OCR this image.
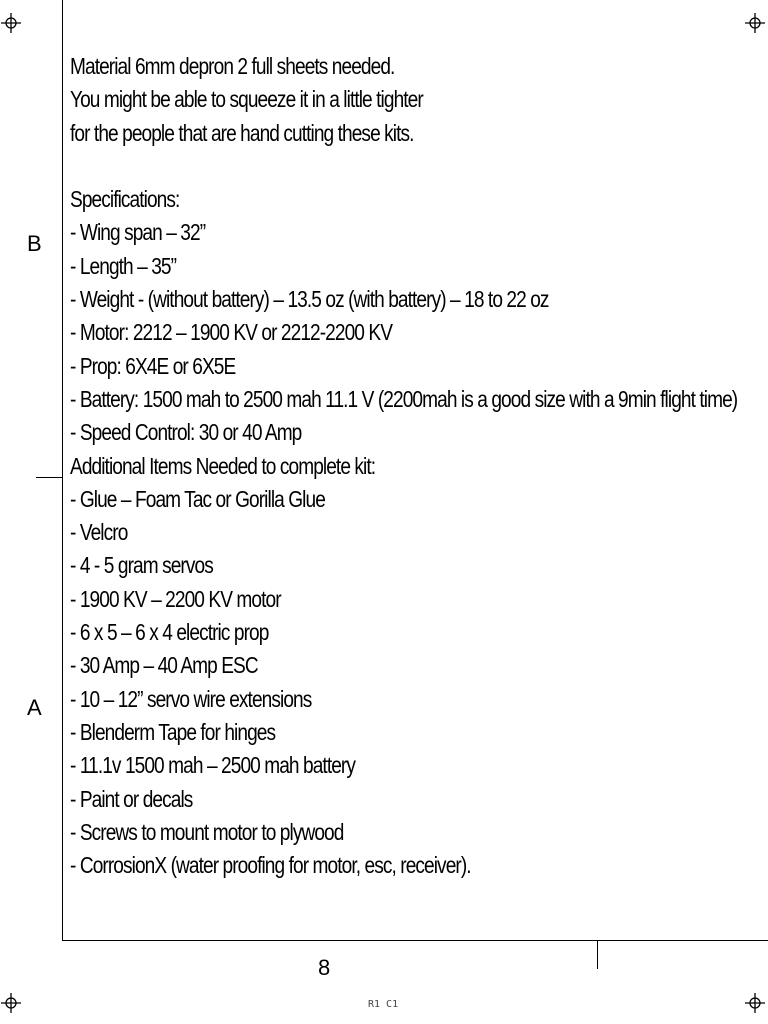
B
A
Material 6mm depron 2 full sheets needed.
You might be able to squeeze it in a little tighter
for the people that are hand cutting these kits.
Specifications:
- Wing span – 32”
- Length – 35”
- Weight - (without battery) – 13.5 oz (with battery) – 18 to 22 oz
- Motor: 2212 – 1900 KV or 2212-2200 KV
- Prop: 6X4E or 6X5E
- Battery: 1500 mah to 2500 mah 11.1 V (2200mah is a good size with a 9min flight time)
- Speed Control: 30 or 40 Amp
Additional Items Needed to complete kit:
- Glue – Foam Tac or Gorilla Glue
- Velcro
- 4 - 5 gram servos
- 1900 KV – 2200 KV motor
- 6 x 5 – 6 x 4 electric prop
- 30 Amp – 40 Amp ESC
- 10 – 12” servo wire extensions
- Blenderm Tape for hinges
- 11.1v 1500 mah – 2500 mah battery
- Paint or decals
- Screws to mount motor to plywood
- CorrosionX (water proofing for motor, esc, receiver).
8
R1 C1
